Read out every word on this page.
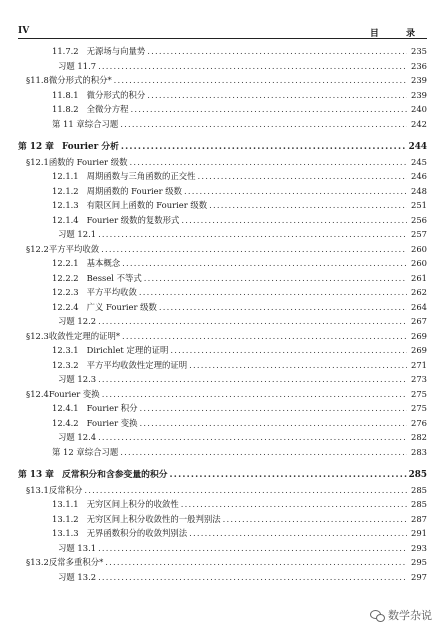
IV	目 录
11.7.2 无源场与向量势 .....	235
习题 11.7 .....	236
§11.8 微分形式的积分* .....	239
11.8.1 微分形式的积分 .....	239
11.8.2 全微分方程 .....	240
第 11 章综合习题 .....	242
第 12 章 Fourier 分析 .....	244
§12.1 函数的 Fourier 级数 .....	245
12.1.1 周期函数与三角函数的正交性 .....	246
12.1.2 周期函数的 Fourier 级数 .....	248
12.1.3 有限区间上函数的 Fourier 级数 .....	251
12.1.4 Fourier 级数的复数形式 .....	256
习题 12.1 .....	257
§12.2 平方平均收敛 .....	260
12.2.1 基本概念 .....	260
12.2.2 Bessel 不等式 .....	261
12.2.3 平方平均收敛 .....	262
12.2.4 广义 Fourier 级数 .....	264
习题 12.2 .....	267
§12.3 收敛性定理的证明* .....	269
12.3.1 Dirichlet 定理的证明 .....	269
12.3.2 平方平均收敛性定理的证明 .....	271
习题 12.3 .....	273
§12.4 Fourier 变换 .....	275
12.4.1 Fourier 积分 .....	275
12.4.2 Fourier 变换 .....	276
习题 12.4 .....	282
第 12 章综合习题 .....	283
第 13 章 反常积分和含参变量的积分 .....	285
§13.1 反常积分 .....	285
13.1.1 无穷区间上积分的收敛性 .....	285
13.1.2 无穷区间上积分收敛性的一般判别法 .....	287
13.1.3 无界函数积分的收敛判别法 .....	291
习题 13.1 .....	293
§13.2 反常多重积分* .....	295
习题 13.2 .....	297
数学杂说
